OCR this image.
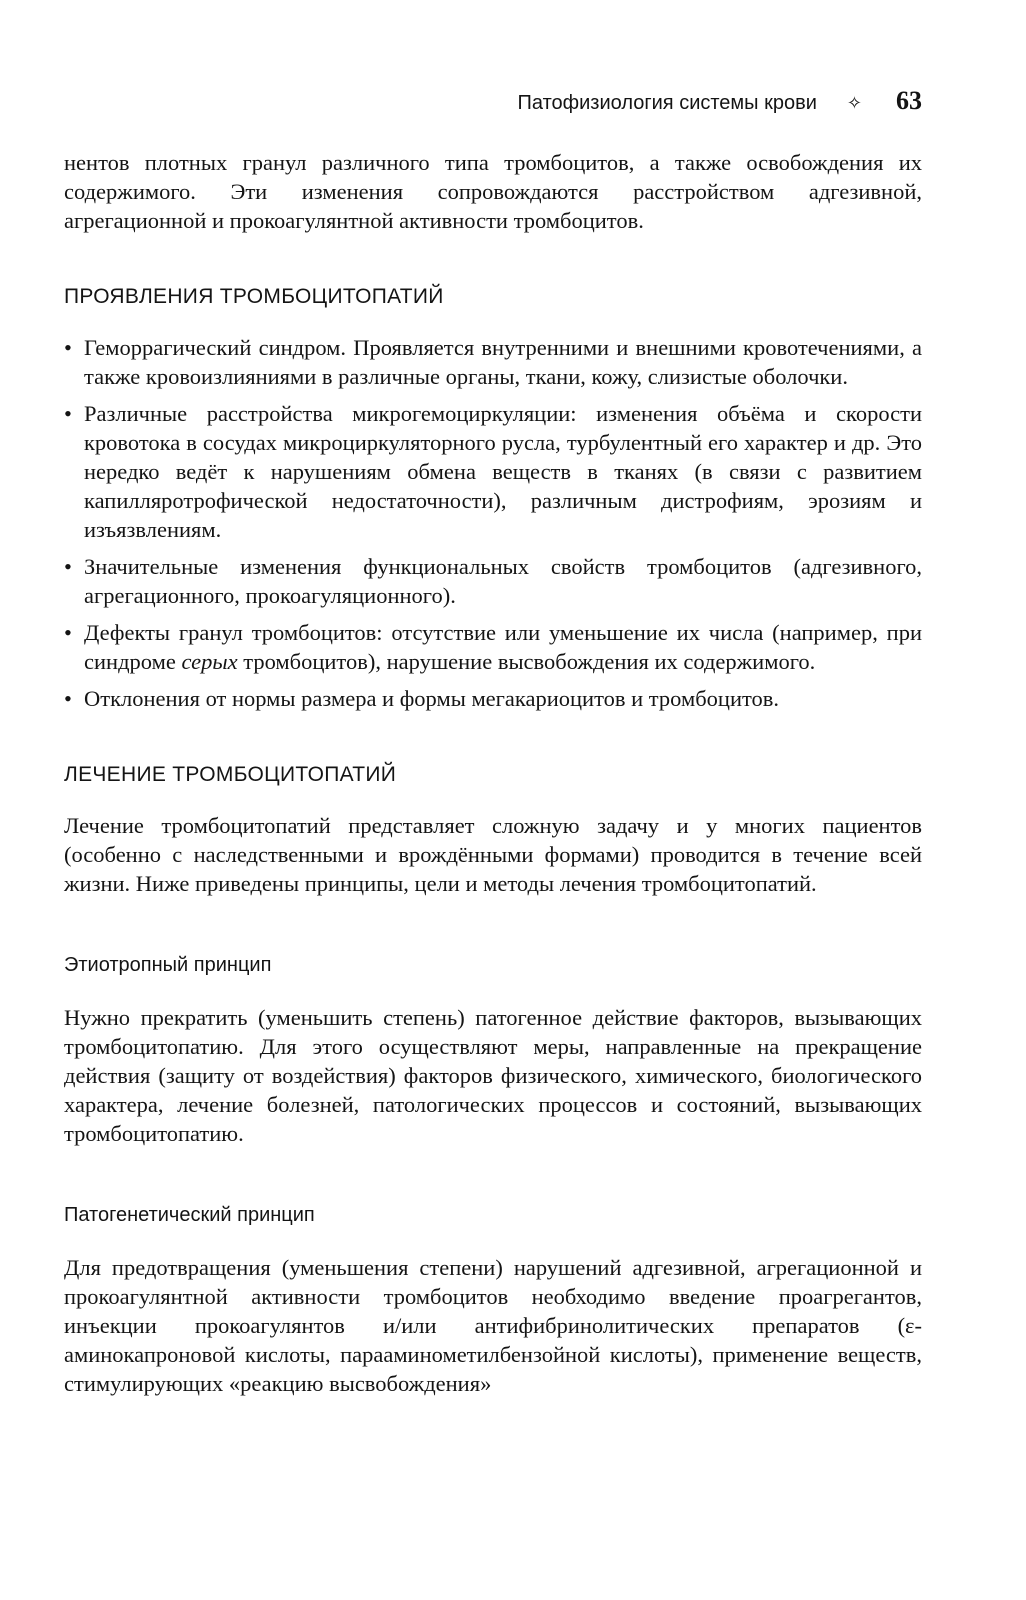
Патофизиология системы крови ✧ 63

нентов плотных гранул различного типа тромбоцитов, а также освобождения их содержимого. Эти изменения сопровождаются расстройством адгезивной, агрегационной и прокоагулянтной активности тромбоцитов.

ПРОЯВЛЕНИЯ ТРОМБОЦИТОПАТИЙ
• Геморрагический синдром. Проявляется внутренними и внешними кровотечениями, а также кровоизлияниями в различные органы, ткани, кожу, слизистые оболочки.
• Различные расстройства микрогемоциркуляции: изменения объёма и скорости кровотока в сосудах микроциркуляторного русла, турбулентный его характер и др. Это нередко ведёт к нарушениям обмена веществ в тканях (в связи с развитием капилляротрофической недостаточности), различным дистрофиям, эрозиям и изъязвлениям.
• Значительные изменения функциональных свойств тромбоцитов (адгезивного, агрегационного, прокоагуляционного).
• Дефекты гранул тромбоцитов: отсутствие или уменьшение их числа (например, при синдроме серых тромбоцитов), нарушение высвобождения их содержимого.
• Отклонения от нормы размера и формы мегакариоцитов и тромбоцитов.
ЛЕЧЕНИЕ ТРОМБОЦИТОПАТИЙ

Лечение тромбоцитопатий представляет сложную задачу и у многих пациентов (особенно с наследственными и врождёнными формами) проводится в течение всей жизни. Ниже приведены принципы, цели и методы лечения тромбоцитопатий.

Этиотропный принцип

Нужно прекратить (уменьшить степень) патогенное действие факторов, вызывающих тромбоцитопатию. Для этого осуществляют меры, направленные на прекращение действия (защиту от воздействия) факторов физического, химического, биологического характера, лечение болезней, патологических процессов и состояний, вызывающих тромбоцитопатию.

Патогенетический принцип

Для предотвращения (уменьшения степени) нарушений адгезивной, агрегационной и прокоагулянтной активности тромбоцитов необходимо введение проагрегантов, инъекции прокоагулянтов и/или антифибринолитических препаратов (ε-аминокапроновой кислоты, парааминометилбензойной кислоты), применение веществ, стимулирующих «реакцию высвобождения»
